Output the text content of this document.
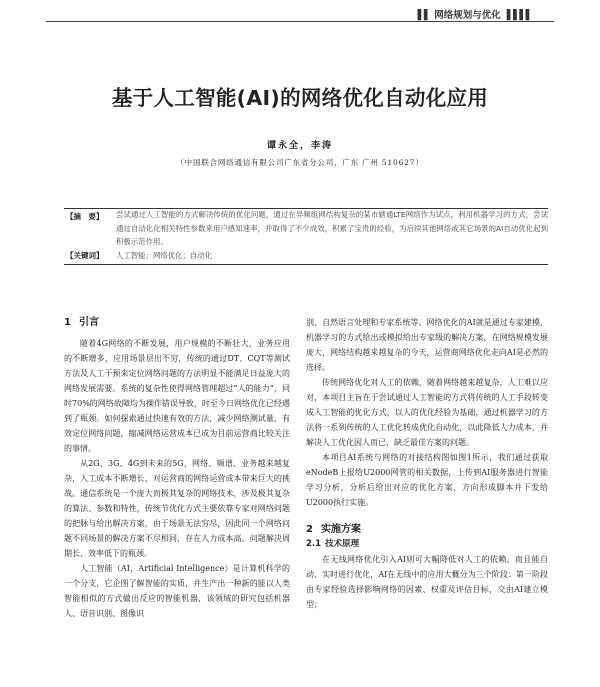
▌▌ 网络规划与优化 ▌▌▌▌
基于人工智能(AI)的网络优化自动化应用
谭永全，李涛
（中国联合网络通信有限公司广东省分公司，广东 广州 510627）
【摘　要】 尝试通过人工智能的方式解决传统的优化问题，通过在异频组网结构复杂的某市辖通LTE网络作为试点，利用机器学习的方式，尝试通过自动化化相关特性参数来用户感知速率，并取得了不少成效，积累了宝贵的经验，为后续其他网络或其它场景的AI自动优化起到积极示范作用。
【关键词】 人工智能；网络优化；自动化
1 引言

随着4G网络的不断发展，用户规模的不断壮大，业务应用的不断增多，应用场景层出不穷，传统的通过DT、CQT等测试方法及人工干预来定位网络问题的方法明显不能满足日益庞大的网络发展需要。系统的复杂性使得网络管理超过“人的能力”，同时70%的网络故障均为操作错误导致，时至今日网络优化已经遇到了瓶颈。如何探索通过快速有效的方法，减少网络测试量，有效定位网络问题，缩减网络运营成本已成为目前运营商比较关注的事情。

从2G、3G、4G到未来的5G，网络、频谱、业务越来越复杂，人工成本不断增长，对运营商的网络运营成本带来巨大的挑战。通信系统是一个庞大而极其复杂的网络技术，涉及极其复杂的算法、参数和特性，传统节优化方式主要依靠专家对网络问题的把脉与给出解决方案，由于场景无法穷尽，因此同一个网络问题不同场景的解决方案不尽相同，存在人力成本高、问题解决周期长、效率低下的瓶颈。

人工智能（AI，Artificial Intelligence）是计算机科学的一个分支，它企图了解智能的实质，并生产出一种新的能以人类智能相似的方式做出反应的智能机器，该领域的研究包括机器人、语音识别、图像识

别、自然语言处理和专家系统等。网络优化的AI就是通过专家建模、机器学习的方式给出或模拟给出专家级的解决方案，在网络规模发展庞大，网络结构越来越复杂的今天，运营商网络优化走向AI是必然的选择。

传统网络优化对人工的依赖，随着网络越来越复杂，人工难以应对，本项目主旨在于尝试通过人工智能的方式将传统的人工手段转变成人工智能的优化方式，以人的优化经验为基础，通过机器学习的方法将一系列传统的人工优化转成优化自动化，以此降低人力成本，并解决人工优化因人而已，缺乏最佳方案的问题。

本项目AI系统与网络的对接结构图如图1所示，我们通过获取eNodeB上报给U2000网管的相关数据，上传到AI服务器进行智能学习分析，分析后给出对应的优化方案，方向形成脚本并下发给U2000执行实施。

2 实施方案
2.1 技术原理

在无线网络优化引入AI则可大幅降低对人工的依赖，而且能自动、实时进行优化，AI在无线中的应用大概分为三个阶段：第一阶段由专家经验选择影响网络的因素、权重及评估目标，交由AI建立模型；
